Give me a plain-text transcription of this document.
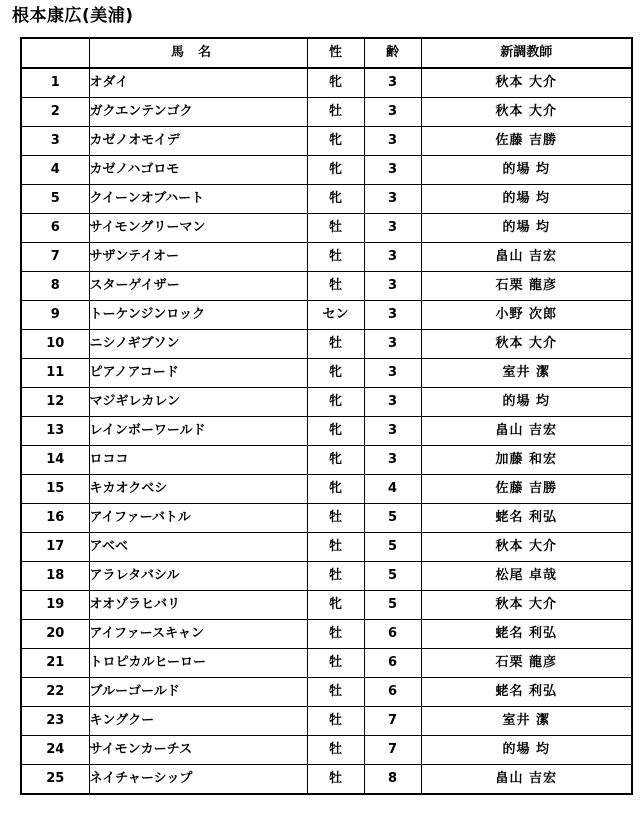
根本康広(美浦)
	馬名	性	齢	新調教師
1	オダイ	牝	3	秋本 大介
2	ガクエンテンゴク	牡	3	秋本 大介
3	カゼノオモイデ	牝	3	佐藤 吉勝
4	カゼノハゴロモ	牝	3	的場 均
5	クイーンオブハート	牝	3	的場 均
6	サイモングリーマン	牡	3	的場 均
7	サザンテイオー	牡	3	畠山 吉宏
8	スターゲイザー	牡	3	石栗 龍彦
9	トーケンジンロック	セン	3	小野 次郎
10	ニシノギブソン	牡	3	秋本 大介
11	ピアノアコード	牝	3	室井 潔
12	マジギレカレン	牝	3	的場 均
13	レインボーワールド	牝	3	畠山 吉宏
14	ロココ	牝	3	加藤 和宏
15	キカオクベシ	牝	4	佐藤 吉勝
16	アイファーバトル	牡	5	蛯名 利弘
17	アベベ	牡	5	秋本 大介
18	アラレタバシル	牡	5	松尾 卓哉
19	オオゾラヒバリ	牝	5	秋本 大介
20	アイファースキャン	牡	6	蛯名 利弘
21	トロピカルヒーロー	牡	6	石栗 龍彦
22	ブルーゴールド	牡	6	蛯名 利弘
23	キングクー	牡	7	室井 潔
24	サイモンカーチス	牡	7	的場 均
25	ネイチャーシップ	牡	8	畠山 吉宏
